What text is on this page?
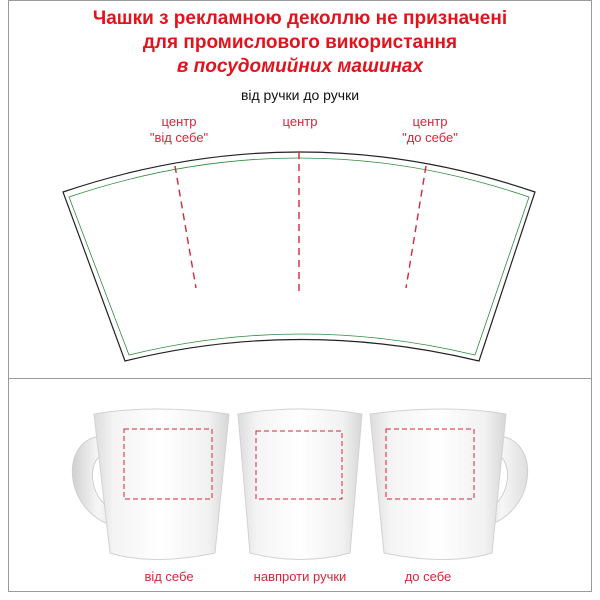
Чашки з рекламною деколлю не призначені
для промислового використання
в посудомийних машинах
від ручки до ручки
центр
"від себе"
центр	центр
"до себе"
від себе	навпроти ручки	до себе
